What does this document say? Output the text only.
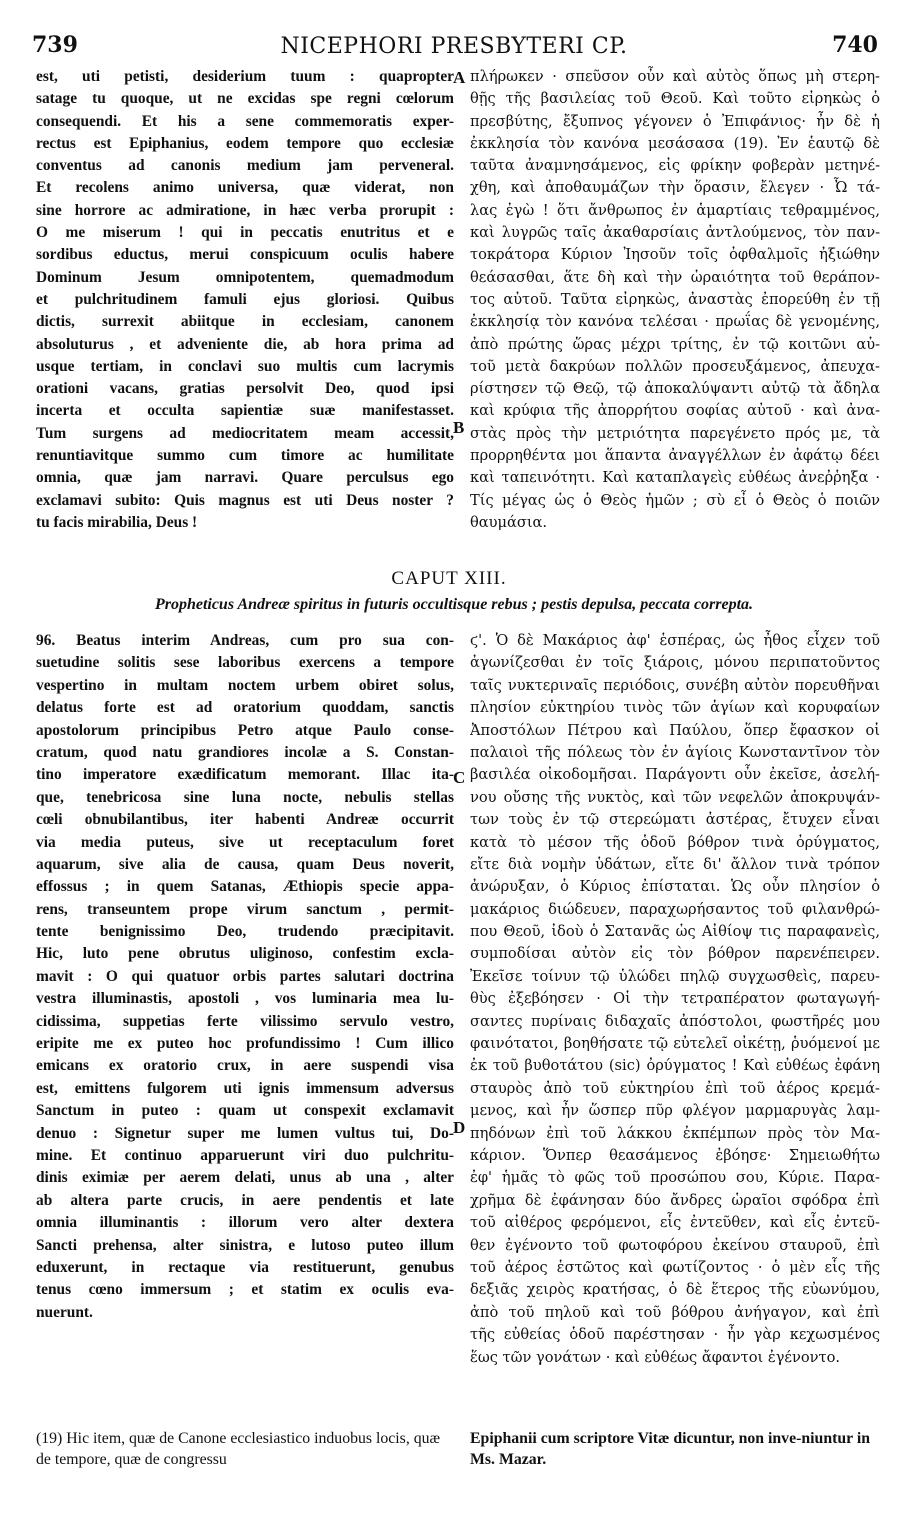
739	NICEPHORI PRESBYTERI CP.	740
est, uti petisti, desiderium tuum : quapropter
satage tu quoque, ut ne excidas spe regni cœlorum
consequendi. Et his a sene commemoratis exper-
rectus est Epiphanius, eodem tempore quo ecclesiæ
conventus ad canonis medium jam perveneral.
Et recolens animo universa, quæ viderat, non
sine horrore ac admiratione, in hæc verba prorupit :
O me miserum ! qui in peccatis enutritus et e
sordibus eductus, merui conspicuum oculis habere
Dominum Jesum omnipotentem, quemadmodum
et pulchritudinem famuli ejus gloriosi. Quibus
dictis, surrexit abiitque in ecclesiam, canonem
absoluturus , et adveniente die, ab hora prima ad
usque tertiam, in conclavi suo multis cum lacrymis
orationi vacans, gratias persolvit Deo, quod ipsi
incerta et occulta sapientiæ suæ manifestasset.
Tum surgens ad mediocritatem meam accessit,
renuntiavitque summo cum timore ac humilitate
omnia, quæ jam narravi. Quare perculsus ego
exclamavi subito: Quis magnus est uti Deus noster ?
tu facis mirabilia, Deus !
πλήρωκεν · σπεῦσον οὖν καὶ αὐτὸς ὅπως μὴ στερη-
θῇς τῆς βασιλείας τοῦ Θεοῦ. Καὶ τοῦτο εἰρηκὼς ὁ
πρεσβύτης, ἔξυπνος γέγονεν ὁ Ἐπιφάνιος· ἦν δὲ ἡ
ἐκκλησία τὸν κανόνα μεσάσασα (19). Ἐν ἑαυτῷ δὲ
ταῦτα ἀναμνησάμενος, εἰς φρίκην φοβερὰν μετηνέ-
χθη, καὶ ἀποθαυμάζων τὴν ὅρασιν, ἔλεγεν · Ὦ τά-
λας ἐγὼ ! ὅτι ἄνθρωπος ἐν ἁμαρτίαις τεθραμμένος,
καὶ λυγρῶς ταῖς ἀκαθαρσίαις ἀντλούμενος, τὸν παν-
τοκράτορα Κύριον Ἰησοῦν τοῖς ὀφθαλμοῖς ἠξιώθην
θεάσασθαι, ἅτε δὴ καὶ τὴν ὡραιότητα τοῦ θεράπον-
τος αὐτοῦ. Ταῦτα εἰρηκὼς, ἀναστὰς ἐπορεύθη ἐν τῇ
ἐκκλησίᾳ τὸν κανόνα τελέσαι · πρωΐας δὲ γενομένης,
ἀπὸ πρώτης ὥρας μέχρι τρίτης, ἐν τῷ κοιτῶνι αὐ-
τοῦ μετὰ δακρύων πολλῶν προσευξάμενος, ἀπευχα-
ρίστησεν τῷ Θεῷ, τῷ ἀποκαλύψαντι αὐτῷ τὰ ἄδηλα
καὶ κρύφια τῆς ἀπορρήτου σοφίας αὐτοῦ · καὶ ἀνα-
στὰς πρὸς τὴν μετριότητα παρεγένετο πρός με, τὰ
προρρηθέντα μοι ἅπαντα ἀναγγέλλων ἐν ἀφάτῳ δέει
καὶ ταπεινότητι. Καὶ καταπλαγεὶς εὐθέως ἀνεῤῥηξα ·
Τίς μέγας ὡς ὁ Θεὸς ἡμῶν ; σὺ εἶ ὁ Θεὸς ὁ ποιῶν
θαυμάσια.
A
B
CAPUT XIII.
Propheticus Andreæ spiritus in futuris occultisque rebus ; pestis depulsa, peccata correpta.
96. Beatus interim Andreas, cum pro sua con-
suetudine solitis sese laboribus exercens a tempore
vespertino in multam noctem urbem obiret solus,
delatus forte est ad oratorium quoddam, sanctis
apostolorum principibus Petro atque Paulo conse-
cratum, quod natu grandiores incolæ a S. Constan-
tino imperatore exædificatum memorant. Illac ita-
que, tenebricosa sine luna nocte, nebulis stellas
cœli obnubilantibus, iter habenti Andreæ occurrit
via media puteus, sive ut receptaculum foret
aquarum, sive alia de causa, quam Deus noverit,
effossus ; in quem Satanas, Æthiopis specie appa-
rens, transeuntem prope virum sanctum , permit-
tente benignissimo Deo, trudendo præcipitavit.
Hic, luto pene obrutus uliginoso, confestim excla-
mavit : O qui quatuor orbis partes salutari doctrina
vestra illuminastis, apostoli , vos luminaria mea lu-
cidissima, suppetias ferte vilissimo servulo vestro,
eripite me ex puteo hoc profundissimo ! Cum illico
emicans ex oratorio crux, in aere suspendi visa
est, emittens fulgorem uti ignis immensum adversus
Sanctum in puteo : quam ut conspexit exclamavit
denuo : Signetur super me lumen vultus tui, Do-
mine. Et continuo apparuerunt viri duo pulchritu-
dinis eximiæ per aerem delati, unus ab una , alter
ab altera parte crucis, in aere pendentis et late
omnia illuminantis : illorum vero alter dextera
Sancti prehensa, alter sinistra, e lutoso puteo illum
eduxerunt, in rectaque via restituerunt, genubus
tenus cœno immersum ; et statim ex oculis eva-
nuerunt.
ϛ'. Ὁ δὲ Μακάριος ἀφ' ἑσπέρας, ὡς ἦθος εἶχεν τοῦ
ἀγωνίζεσθαι ἐν τοῖς ξιάροις, μόνου περιπατοῦντος
ταῖς νυκτεριναῖς περιόδοις, συνέβη αὐτὸν πορευθῆναι
πλησίον εὐκτηρίου τινὸς τῶν ἁγίων καὶ κορυφαίων
Ἀποστόλων Πέτρου καὶ Παύλου, ὅπερ ἔφασκον οἱ
παλαιοὶ τῆς πόλεως τὸν ἐν ἁγίοις Κωνσταντῖνον τὸν
βασιλέα οἰκοδομῆσαι. Παράγοντι οὖν ἐκεῖσε, ἀσελή-
νου οὔσης τῆς νυκτὸς, καὶ τῶν νεφελῶν ἀποκρυψάν-
των τοὺς ἐν τῷ στερεώματι ἀστέρας, ἔτυχεν εἶναι
κατὰ τὸ μέσον τῆς ὁδοῦ βόθρον τινὰ ὀρύγματος,
εἴτε διὰ νομὴν ὑδάτων, εἴτε δι' ἄλλον τινὰ τρόπον
ἀνώρυξαν, ὁ Κύριος ἐπίσταται. Ὡς οὖν πλησίον ὁ
μακάριος διώδευεν, παραχωρήσαντος τοῦ φιλανθρώ-
που Θεοῦ, ἰδοὺ ὁ Σατανᾶς ὡς Αἰθίοψ τις παραφανεὶς,
συμποδίσαι αὐτὸν εἰς τὸν βόθρον παρενέπειρεν.
Ἐκεῖσε τοίνυν τῷ ὑλώδει πηλῷ συγχωσθεὶς, παρευ-
θὺς ἐξεβόησεν · Οἱ τὴν τετραπέρατον φωταγωγή-
σαντες πυρίναις διδαχαῖς ἀπόστολοι, φωστῆρές μου
φαινότατοι, βοηθήσατε τῷ εὐτελεῖ οἰκέτῃ, ῥυόμενοί με
ἐκ τοῦ βυθοτάτου (sic) ὀρύγματος ! Καὶ εὐθέως ἐφάνη
σταυρὸς ἀπὸ τοῦ εὐκτηρίου ἐπὶ τοῦ ἀέρος κρεμά-
μενος, καὶ ἦν ὥσπερ πῦρ φλέγον μαρμαρυγὰς λαμ-
πηδόνων ἐπὶ τοῦ λάκκου ἐκπέμπων πρὸς τὸν Μα-
κάριον. Ὅνπερ θεασάμενος ἐβόησε· Σημειωθήτω
ἐφ' ἡμᾶς τὸ φῶς τοῦ προσώπου σου, Κύριε. Παρα-
χρῆμα δὲ ἐφάνησαν δύο ἄνδρες ὡραῖοι σφόδρα ἐπὶ
τοῦ αἰθέρος φερόμενοι, εἷς ἐντεῦθεν, καὶ εἷς ἐντεῦ-
θεν ἐγένοντο τοῦ φωτοφόρου ἐκείνου σταυροῦ, ἐπὶ
τοῦ ἀέρος ἑστῶτος καὶ φωτίζοντος · ὁ μὲν εἷς τῆς
δεξιᾶς χειρὸς κρατήσας, ὁ δὲ ἕτερος τῆς εὐωνύμου,
ἀπὸ τοῦ πηλοῦ καὶ τοῦ βόθρου ἀνήγαγον, καὶ ἐπὶ
τῆς εὐθείας ὁδοῦ παρέστησαν · ἦν γὰρ κεχωσμένος
ἕως τῶν γονάτων · καὶ εὐθέως ἄφαντοι ἐγένοντο.
C
D
(19) Hic item, quæ de Canone ecclesiastico induobus locis, quæ de tempore, quæ de congressu
Epiphanii cum scriptore Vitæ dicuntur, non inve-niuntur in Ms. Mazar.
